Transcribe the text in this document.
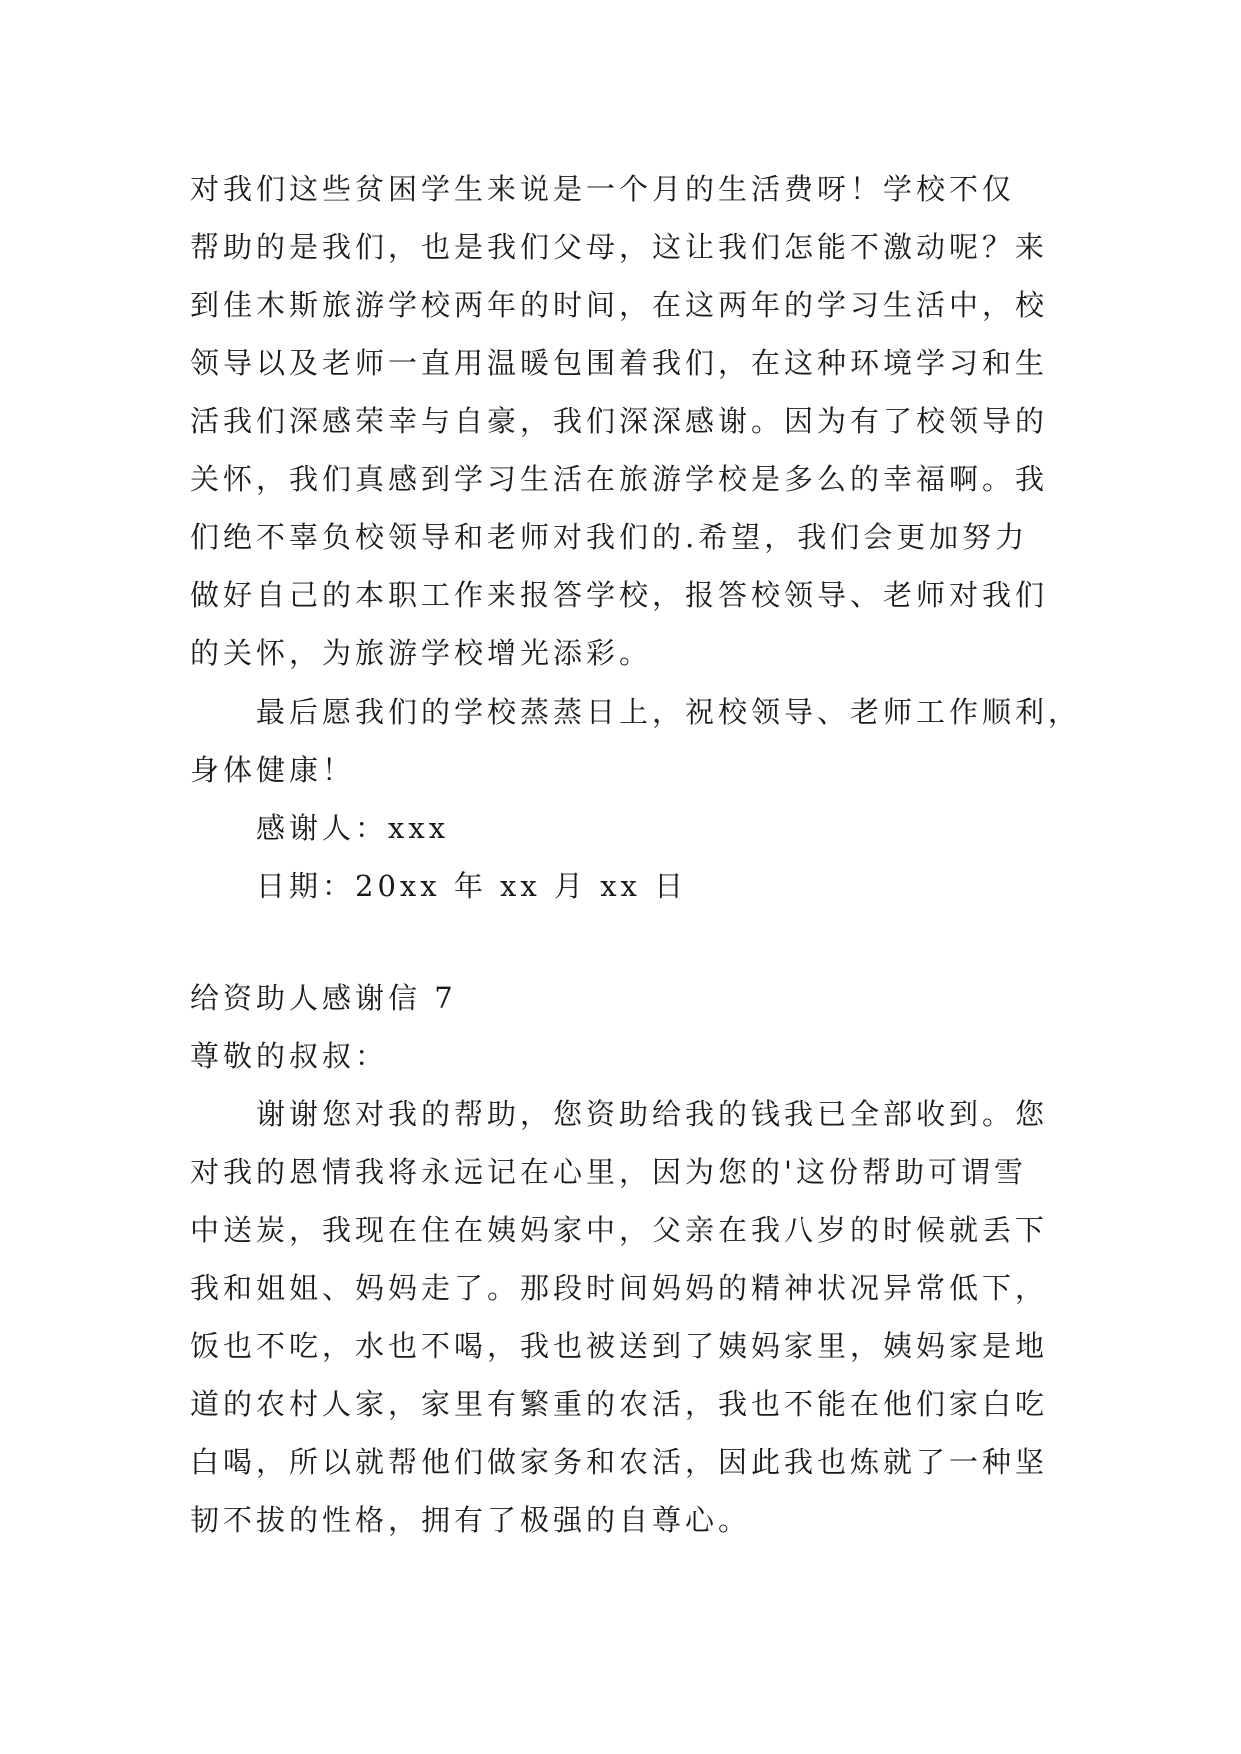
对我们这些贫困学生来说是一个月的生活费呀！学校不仅
帮助的是我们，也是我们父母，这让我们怎能不激动呢？来
到佳木斯旅游学校两年的时间，在这两年的学习生活中，校
领导以及老师一直用温暖包围着我们，在这种环境学习和生
活我们深感荣幸与自豪，我们深深感谢。因为有了校领导的
关怀，我们真感到学习生活在旅游学校是多么的幸福啊。我
们绝不辜负校领导和老师对我们的.希望，我们会更加努力
做好自己的本职工作来报答学校，报答校领导、老师对我们
的关怀，为旅游学校增光添彩。
最后愿我们的学校蒸蒸日上，祝校领导、老师工作顺利，
身体健康！
感谢人：xxx
日期：20xx 年 xx 月 xx 日
给资助人感谢信 7
尊敬的叔叔：
谢谢您对我的帮助，您资助给我的钱我已全部收到。您
对我的恩情我将永远记在心里，因为您的'这份帮助可谓雪
中送炭，我现在住在姨妈家中，父亲在我八岁的时候就丢下
我和姐姐、妈妈走了。那段时间妈妈的精神状况异常低下，
饭也不吃，水也不喝，我也被送到了姨妈家里，姨妈家是地
道的农村人家，家里有繁重的农活，我也不能在他们家白吃
白喝，所以就帮他们做家务和农活，因此我也炼就了一种坚
韧不拔的性格，拥有了极强的自尊心。
